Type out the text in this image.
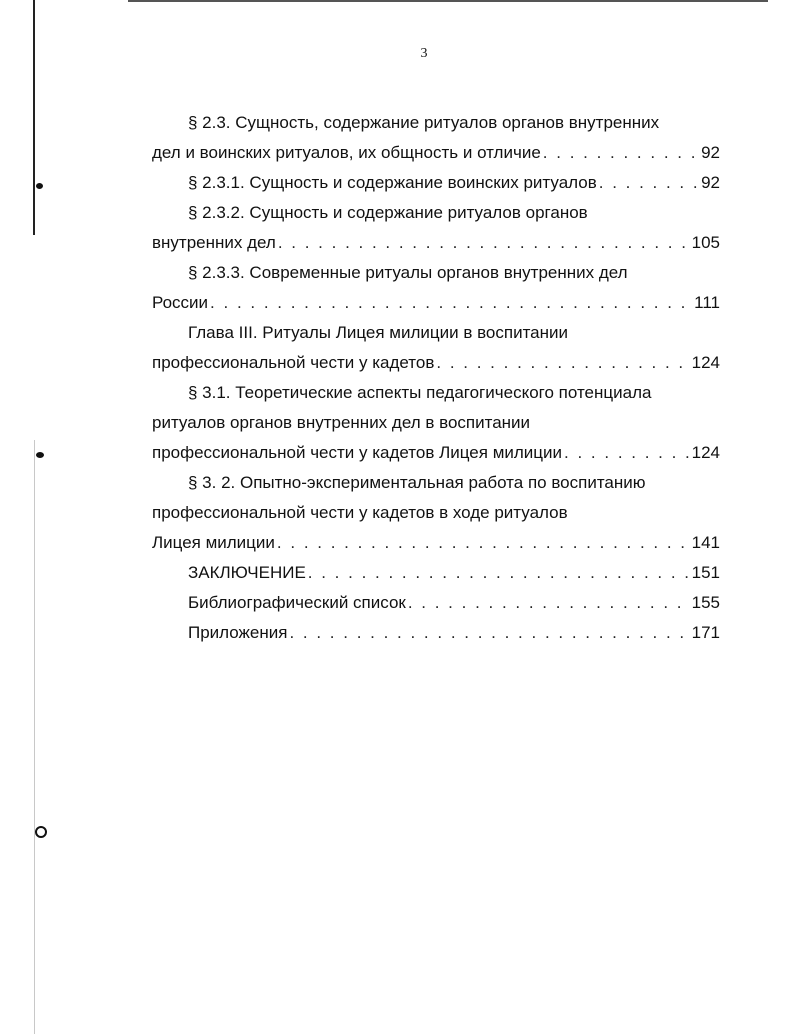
3
§ 2.3. Сущность, содержание ритуалов органов внутренних
дел и воинских ритуалов, их общность и отличие . . .	92
§ 2.3.1. Сущность и содержание воинских ритуалов . . .	92
§ 2.3.2. Сущность и содержание ритуалов органов
внутренних дел . . .	105
§ 2.3.3. Современные ритуалы органов внутренних дел
России . . .	111
Глава III. Ритуалы Лицея милиции в воспитании
профессиональной чести у кадетов . . .	124
§ 3.1. Теоретические аспекты педагогического потенциала
ритуалов органов внутренних дел в воспитании
профессиональной чести у кадетов Лицея милиции . . .	124
§ 3. 2. Опытно-экспериментальная работа по воспитанию
профессиональной чести у кадетов в ходе ритуалов
Лицея милиции . . .	141
ЗАКЛЮЧЕНИЕ . . .	151
Библиографический список . . .	155
Приложения . . .	171
